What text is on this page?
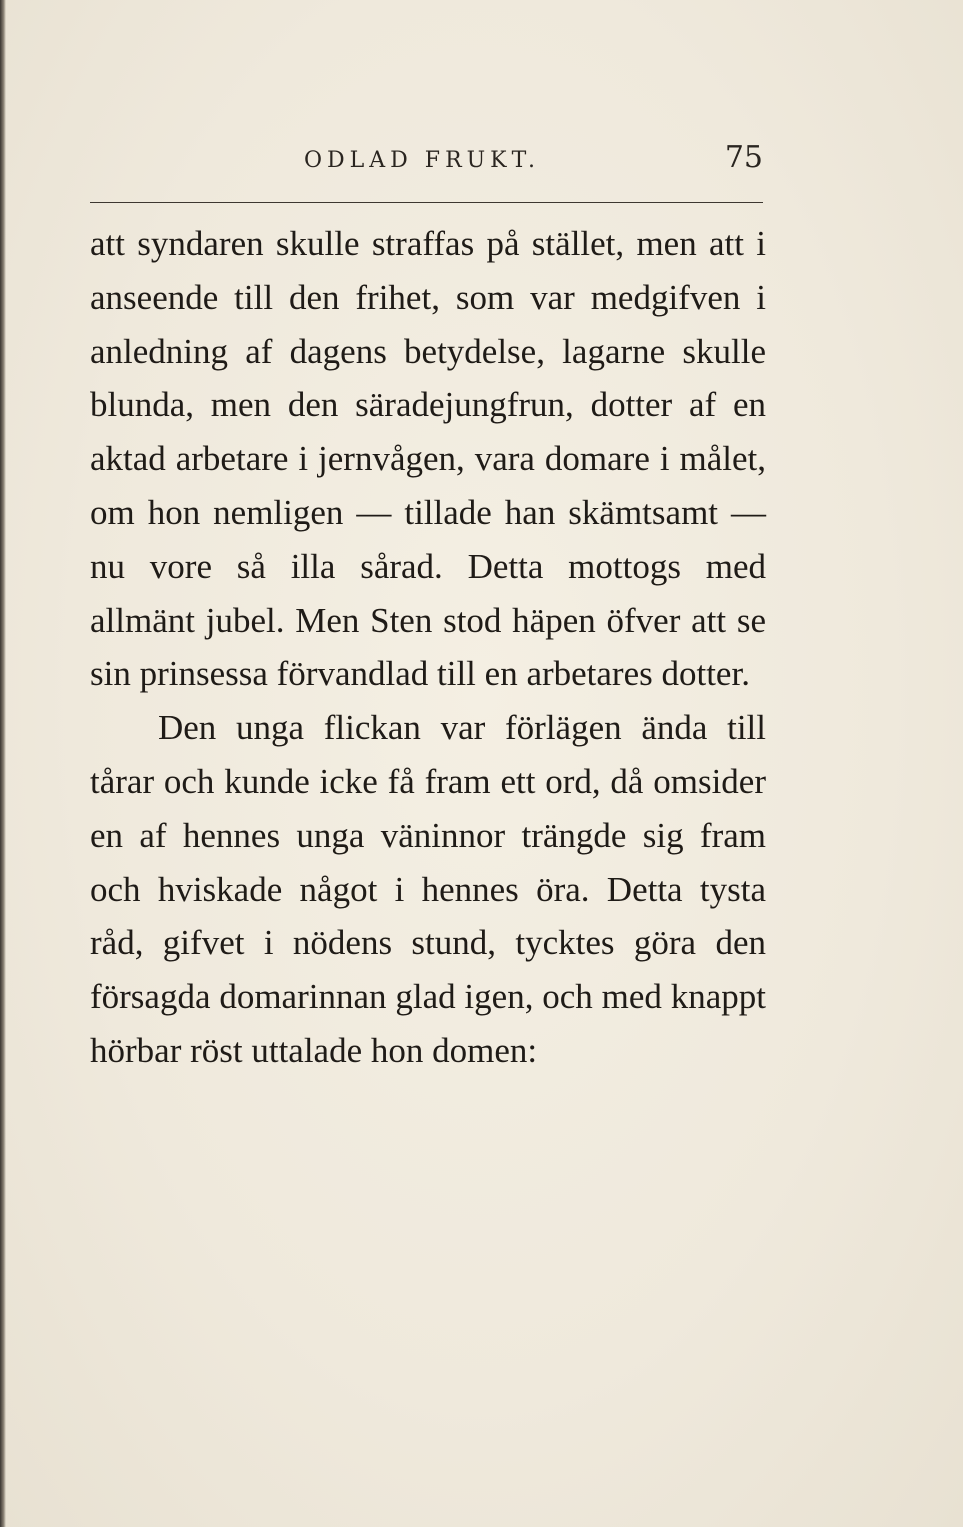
ODLAD FRUKT.	75

att syndaren skulle straffas på stället, men att i anseende till den frihet, som var medgifven i anledning af dagens betydelse, lagarne skulle blunda, men den säradejungfrun, dotter af en aktad arbetare i jernvågen, vara domare i målet, om hon nemligen — tillade han skämtsamt — nu vore så illa sårad. Detta mottogs med allmänt jubel. Men Sten stod häpen öfver att se sin prinsessa förvandlad till en arbetares dotter.

Den unga flickan var förlägen ända till tårar och kunde icke få fram ett ord, då omsider en af hennes unga väninnor trängde sig fram och hviskade något i hennes öra. Detta tysta råd, gifvet i nödens stund, tycktes göra den försagda domarinnan glad igen, och med knappt hörbar röst uttalade hon domen:
